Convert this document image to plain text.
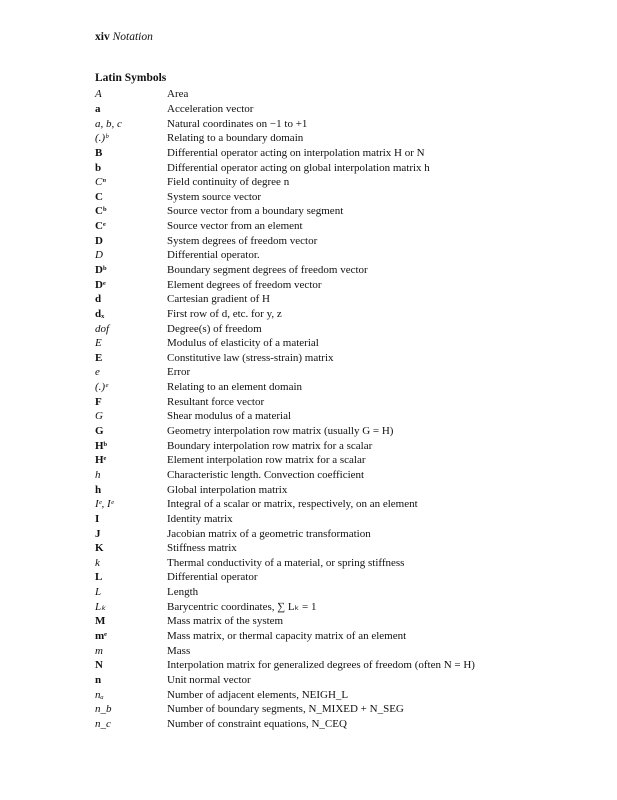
xiv Notation
Latin Symbols
A	Area
a	Acceleration vector
a, b, c	Natural coordinates on −1 to +1
(.)ᵇ	Relating to a boundary domain
B	Differential operator acting on interpolation matrix H or N
b	Differential operator acting on global interpolation matrix h
Cⁿ	Field continuity of degree n
C	System source vector
Cᵇ	Source vector from a boundary segment
Cᵉ	Source vector from an element
D	System degrees of freedom vector
D	Differential operator.
Dᵇ	Boundary segment degrees of freedom vector
Dᵉ	Element degrees of freedom vector
d	Cartesian gradient of H
dₓ	First row of d, etc. for y, z
dof	Degree(s) of freedom
E	Modulus of elasticity of a material
E	Constitutive law (stress-strain) matrix
e	Error
(.)ᵉ	Relating to an element domain
F	Resultant force vector
G	Shear modulus of a material
G	Geometry interpolation row matrix (usually G = H)
Hᵇ	Boundary interpolation row matrix for a scalar
Hᵉ	Element interpolation row matrix for a scalar
h	Characteristic length. Convection coefficient
h	Global interpolation matrix
Iᵉ, Iᵉ	Integral of a scalar or matrix, respectively, on an element
I	Identity matrix
J	Jacobian matrix of a geometric transformation
K	Stiffness matrix
k	Thermal conductivity of a material, or spring stiffness
L	Differential operator
L	Length
Lₖ	Barycentric coordinates, ∑ Lₖ = 1
M	Mass matrix of the system
mᵉ	Mass matrix, or thermal capacity matrix of an element
m	Mass
N	Interpolation matrix for generalized degrees of freedom (often N = H)
n	Unit normal vector
nₐ	Number of adjacent elements, NEIGH_L
n_b	Number of boundary segments, N_MIXED + N_SEG
n_c	Number of constraint equations, N_CEQ
